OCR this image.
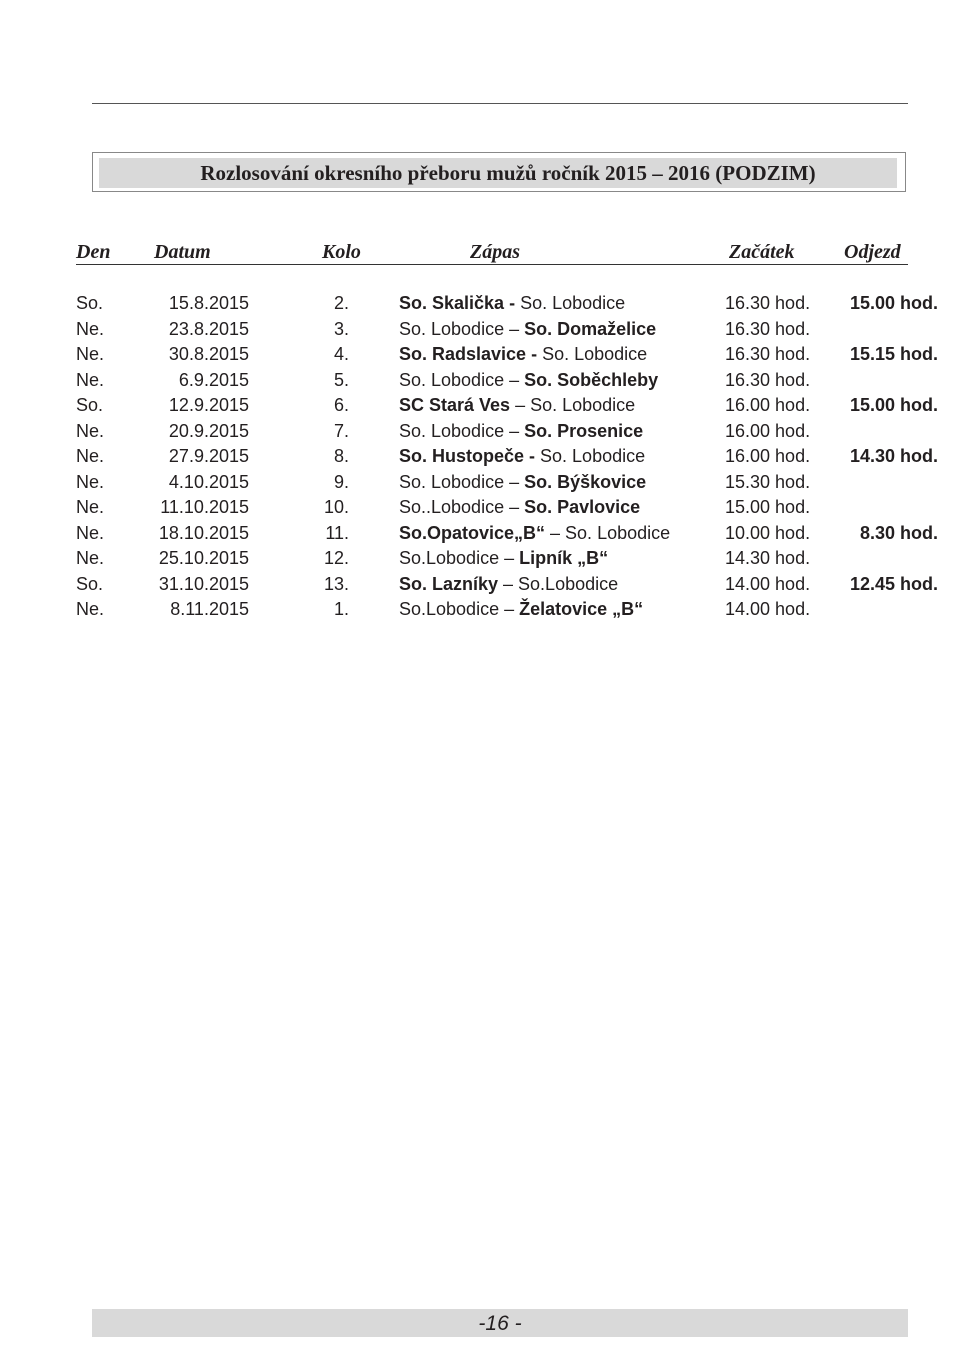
Rozlosování okresního přeboru mužů ročník 2015 – 2016 (PODZIM)
Den Datum	Kolo	Zápas	Začátek Odjezd
So.	15.8.2015	2.	So. Skalička - So. Lobodice	16.30 hod. 15.00 hod.
Ne.	23.8.2015	3.	So. Lobodice – So. Domaželice	16.30 hod.
Ne.	30.8.2015	4.	So. Radslavice - So. Lobodice	16.30 hod. 15.15 hod.
Ne.	6.9.2015	5.	So. Lobodice – So. Soběchleby	16.30 hod.
So.	12.9.2015	6.	SC Stará Ves – So. Lobodice	16.00 hod. 15.00 hod.
Ne.	20.9.2015	7.	So. Lobodice – So. Prosenice	16.00 hod.
Ne.	27.9.2015	8.	So. Hustopeče - So. Lobodice	16.00 hod. 14.30 hod.
Ne.	4.10.2015	9.	So. Lobodice – So. Býškovice	15.30 hod.
Ne.	11.10.2015	10.	So..Lobodice – So. Pavlovice	15.00 hod.
Ne.	18.10.2015	11.	So.Opatovice„B“ – So. Lobodice	10.00 hod.	8.30 hod.
Ne.	25.10.2015	12.	So.Lobodice – Lipník „B“	14.30 hod.
So.	31.10.2015	13.	So. Lazníky – So.Lobodice	14.00 hod. 12.45 hod.
Ne.	8.11.2015	1.	So.Lobodice – Želatovice „B“	14.00 hod.
-16 -
